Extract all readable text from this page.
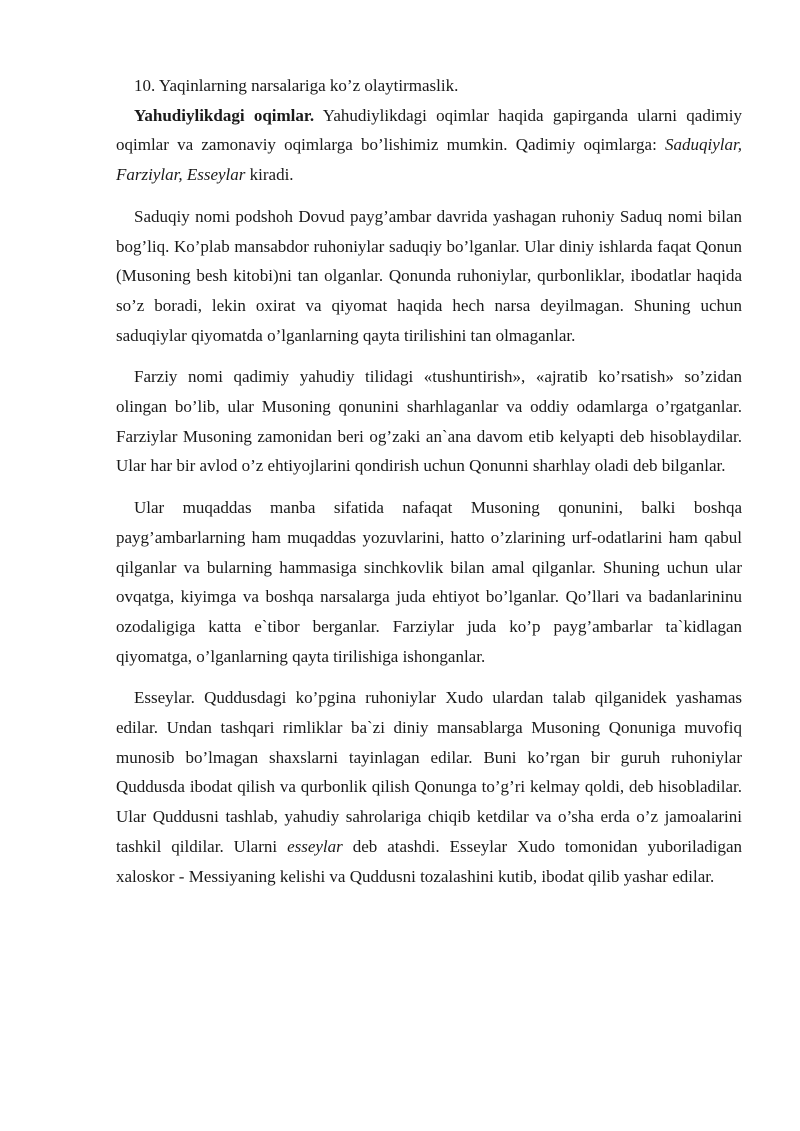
10. Yaqinlarning narsalariga ko’z olaytirmaslik.

Yahudiylikdagi oqimlar. Yahudiylikdagi oqimlar haqida gapirganda ularni qadimiy oqimlar va zamonaviy oqimlarga bo’lishimiz mumkin. Qadimiy oqimlarga: Saduqiylar, Farziylar, Esseylar kiradi.

Saduqiy nomi podshoh Dovud payg’ambar davrida yashagan ruhoniy Saduq nomi bilan bog’liq. Ko’plab mansabdor ruhoniylar saduqiy bo’lganlar. Ular diniy ishlarda faqat Qonun (Musoning besh kitobi)ni tan olganlar. Qonunda ruhoniylar, qurbonliklar, ibodatlar haqida so’z boradi, lekin oxirat va qiyomat haqida hech narsa deyilmagan. Shuning uchun saduqiylar qiyomatda o’lganlarning qayta tirilishini tan olmaganlar.

Farziy nomi qadimiy yahudiy tilidagi «tushuntirish», «ajratib ko’rsatish» so’zidan olingan bo’lib, ular Musoning qonunini sharhlaganlar va oddiy odamlarga o’rgatganlar. Farziylar Musoning zamonidan beri og’zaki an`ana davom etib kelyapti deb hisoblaydilar. Ular har bir avlod o’z ehtiyojlarini qondirish uchun Qonunni sharhlay oladi deb bilganlar.

Ular muqaddas manba sifatida nafaqat Musoning qonunini, balki boshqa payg’ambarlarning ham muqaddas yozuvlarini, hatto o’zlarining urf-odatlarini ham qabul qilganlar va bularning hammasiga sinchkovlik bilan amal qilganlar. Shuning uchun ular ovqatga, kiyimga va boshqa narsalarga juda ehtiyot bo’lganlar. Qo’llari va badanlarininu ozodaligiga katta e`tibor berganlar. Farziylar juda ko’p payg’ambarlar ta`kidlagan qiyomatga, o’lganlarning qayta tirilishiga ishonganlar.

Esseylar. Quddusdagi ko’pgina ruhoniylar Xudo ulardan talab qilganidek yashamas edilar. Undan tashqari rimliklar ba`zi diniy mansablarga Musoning Qonuniga muvofiq munosib bo’lmagan shaxslarni tayinlagan edilar. Buni ko’rgan bir guruh ruhoniylar Quddusda ibodat qilish va qurbonlik qilish Qonunga to’g’ri kelmay qoldi, deb hisobladilar. Ular Quddusni tashlab, yahudiy sahrolariga chiqib ketdilar va o’sha erda o’z jamoalarini tashkil qildilar. Ularni esseylar deb atashdi. Esseylar Xudo tomonidan yuboriladigan xaloskor - Messiyaning kelishi va Quddusni tozalashini kutib, ibodat qilib yashar edilar.
